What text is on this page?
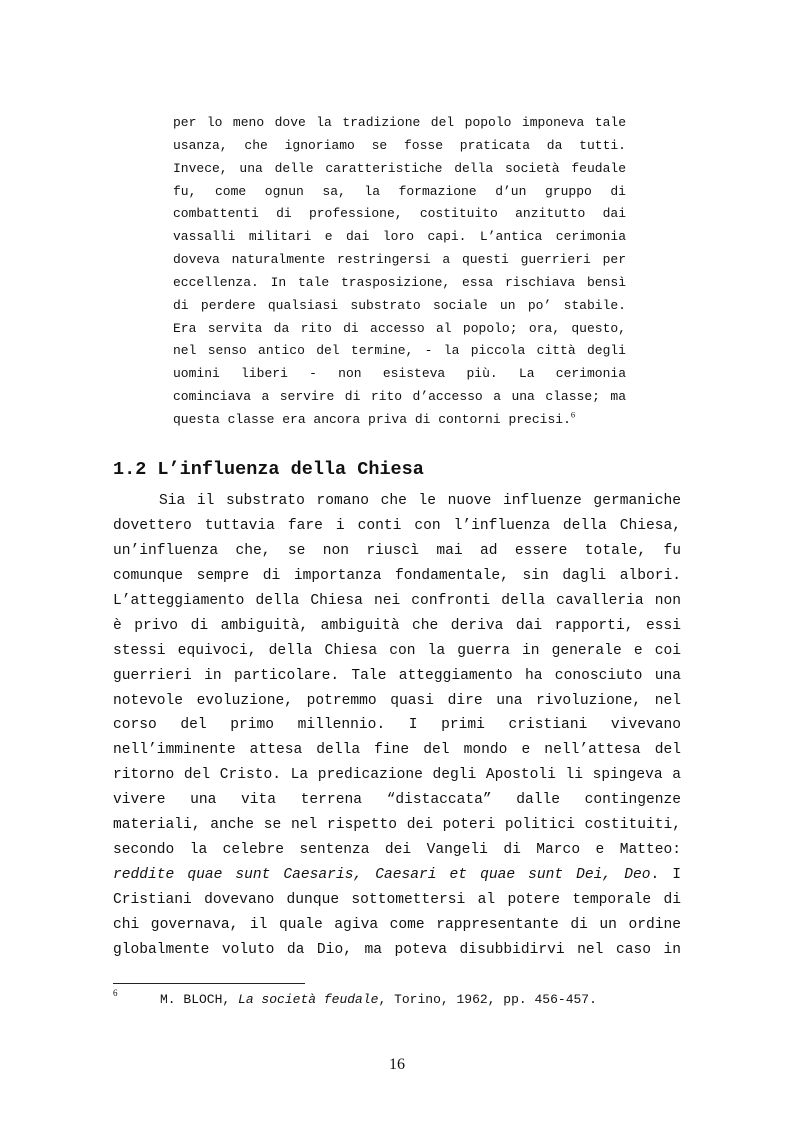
per lo meno dove la tradizione del popolo imponeva tale
usanza, che ignoriamo se fosse praticata da tutti.
Invece, una delle caratteristiche della società feudale
fu, come ognun sa, la formazione d’un gruppo di
combattenti di professione, costituito anzitutto dai
vassalli militari e dai loro capi. L’antica cerimonia
doveva naturalmente restringersi a questi guerrieri per
eccellenza. In tale trasposizione, essa rischiava bensì
di perdere qualsiasi substrato sociale un po’ stabile.
Era servita da rito di accesso al popolo; ora, questo,
nel senso antico del termine, - la piccola città degli
uomini liberi - non esisteva più. La cerimonia
cominciava a servire di rito d’accesso a una classe; ma
questa classe era ancora priva di contorni precisi.$^6$
1.2 L’influenza della Chiesa
Sia il substrato romano che le nuove influenze germaniche
dovettero tuttavia fare i conti con l’influenza della Chiesa,
un’influenza che, se non riuscì mai ad essere totale, fu
comunque sempre di importanza fondamentale, sin dagli albori.
L’atteggiamento della Chiesa nei confronti della cavalleria non
è privo di ambiguità, ambiguità che deriva dai rapporti, essi
stessi equivoci, della Chiesa con la guerra in generale e coi
guerrieri in particolare. Tale atteggiamento ha conosciuto una
notevole evoluzione, potremmo quasi dire una rivoluzione, nel
corso del primo millennio. I primi cristiani vivevano
nell’imminente attesa della fine del mondo e nell’attesa del
ritorno del Cristo. La predicazione degli Apostoli li spingeva a
vivere una vita terrena “distaccata” dalle contingenze
materiali, anche se nel rispetto dei poteri politici costituiti,
secondo la celebre sentenza dei Vangeli di Marco e Matteo:
reddite quae sunt Caesaris, Caesari et quae sunt Dei, Deo. I
Cristiani dovevano dunque sottomettersi al potere temporale di
chi governava, il quale agiva come rappresentante di un ordine
globalmente voluto da Dio, ma poteva disubbidirvi nel caso in
6	M. BLOCH, La società feudale, Torino, 1962, pp. 456-457.
16
